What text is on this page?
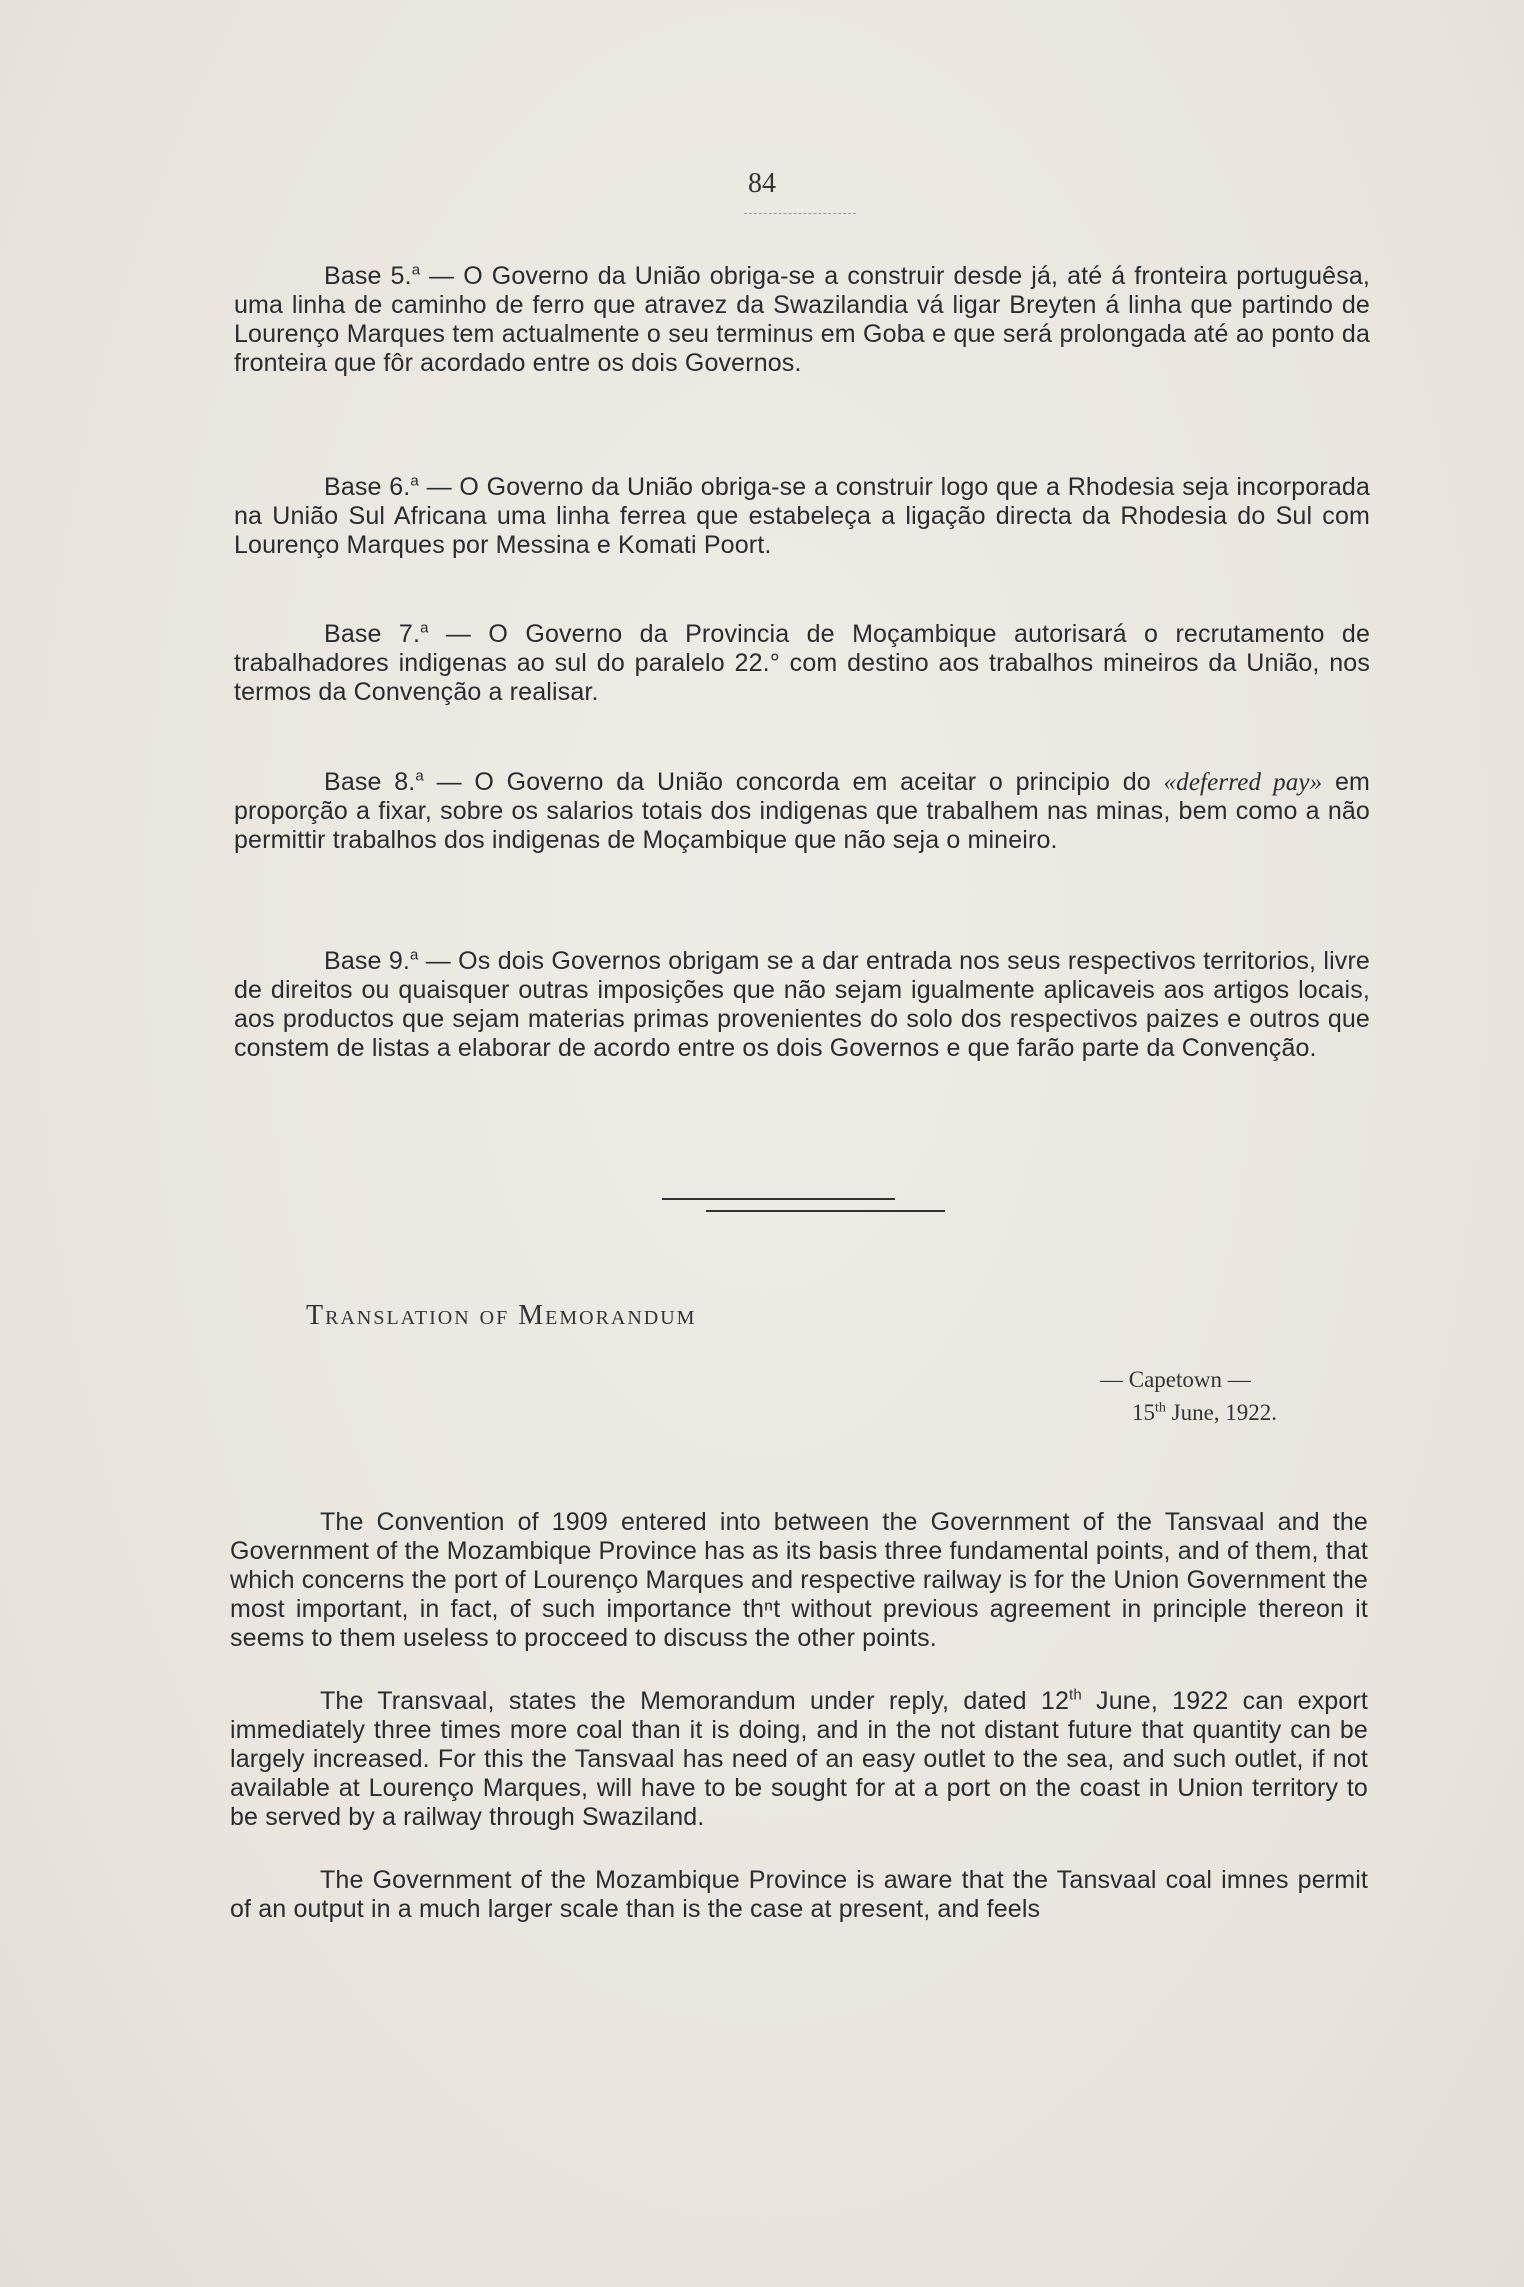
84

Base 5.$^a$ — O Governo da União obriga-se a construir desde já, até á fronteira portuguêsa, uma linha de caminho de ferro que atravez da Swazilandia vá ligar Breyten á linha que partindo de Lourenço Marques tem actualmente o seu terminus em Goba e que será prolongada até ao ponto da fronteira que fôr acordado entre os dois Governos.

Base 6.$^a$ — O Governo da União obriga-se a construir logo que a Rhodesia seja incorporada na União Sul Africana uma linha ferrea que estabeleça a ligação directa da Rhodesia do Sul com Lourenço Marques por Messina e Komati Poort.

Base 7.$^a$ — O Governo da Provincia de Moçambique autorisará o recrutamento de trabalhadores indigenas ao sul do paralelo 22.° com destino aos trabalhos mineiros da União, nos termos da Convenção a realisar.

Base 8.$^a$ — O Governo da União concorda em aceitar o principio do «deferred pay» em proporção a fixar, sobre os salarios totais dos indigenas que trabalhem nas minas, bem como a não permittir trabalhos dos indigenas de Moçambique que não seja o mineiro.

Base 9.$^a$ — Os dois Governos obrigam se a dar entrada nos seus respectivos territorios, livre de direitos ou quaisquer outras imposições que não sejam igualmente aplicaveis aos artigos locais, aos productos que sejam materias primas provenientes do solo dos respectivos paizes e outros que constem de listas a elaborar de acordo entre os dois Governos e que farão parte da Convenção.

Translation of Memorandum
— Capetown —
15th June, 1922.

The Convention of 1909 entered into between the Government of the Tansvaal and the Government of the Mozambique Province has as its basis three fundamental points, and of them, that which concerns the port of Lourenço Marques and respective railway is for the Union Government the most important, in fact, of such importance thⁿt without previous agreement in principle thereon it seems to them useless to procceed to discuss the other points.

The Transvaal, states the Memorandum under reply, dated 12th June, 1922 can export immediately three times more coal than it is doing, and in the not distant future that quantity can be largely increased. For this the Tansvaal has need of an easy outlet to the sea, and such outlet, if not available at Lourenço Marques, will have to be sought for at a port on the coast in Union territory to be served by a railway through Swaziland.

The Government of the Mozambique Province is aware that the Tansvaal coal imnes permit of an output in a much larger scale than is the case at present, and feels
